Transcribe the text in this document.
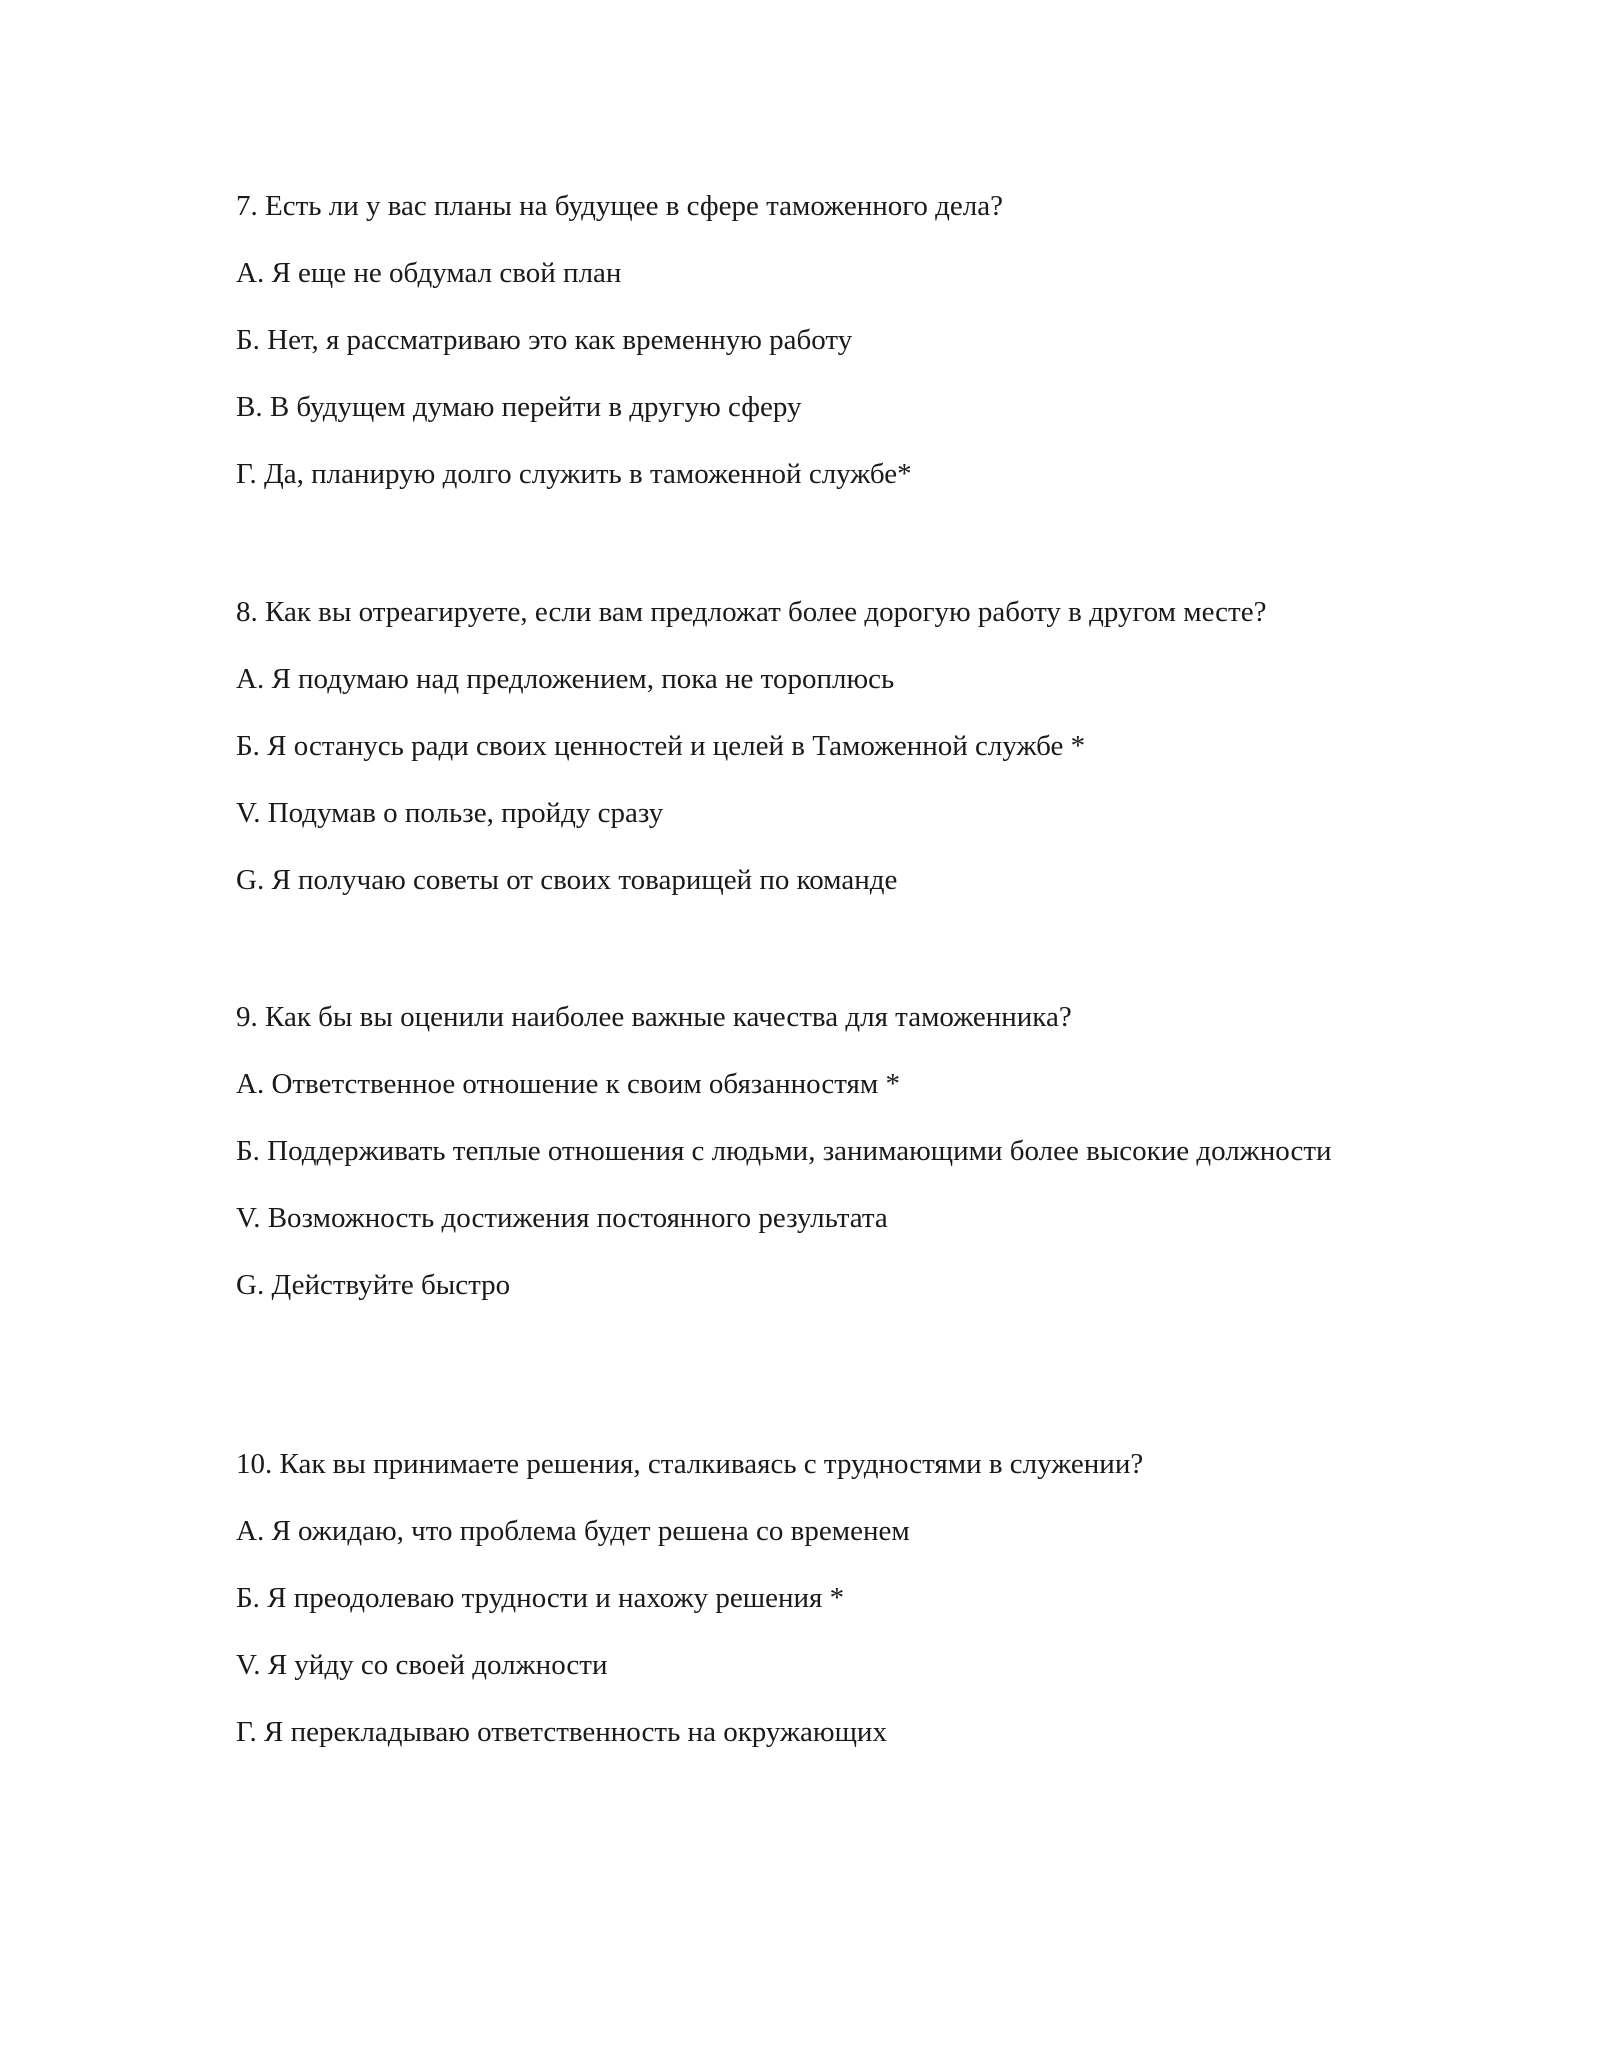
7. Есть ли у вас планы на будущее в сфере таможенного дела?

А. Я еще не обдумал свой план

Б. Нет, я рассматриваю это как временную работу

В. В будущем думаю перейти в другую сферу

Г. Да, планирую долго служить в таможенной службе*

8. Как вы отреагируете, если вам предложат более дорогую работу в другом месте?

А. Я подумаю над предложением, пока не тороплюсь

Б. Я останусь ради своих ценностей и целей в Таможенной службе *

V. Подумав о пользе, пройду сразу

G. Я получаю советы от своих товарищей по команде

9. Как бы вы оценили наиболее важные качества для таможенника?

А. Ответственное отношение к своим обязанностям *

Б. Поддерживать теплые отношения с людьми, занимающими более высокие должности

V. Возможность достижения постоянного результата

G. Действуйте быстро

10. Как вы принимаете решения, сталкиваясь с трудностями в служении?

А. Я ожидаю, что проблема будет решена со временем

Б. Я преодолеваю трудности и нахожу решения *

V. Я уйду со своей должности

Г. Я перекладываю ответственность на окружающих
